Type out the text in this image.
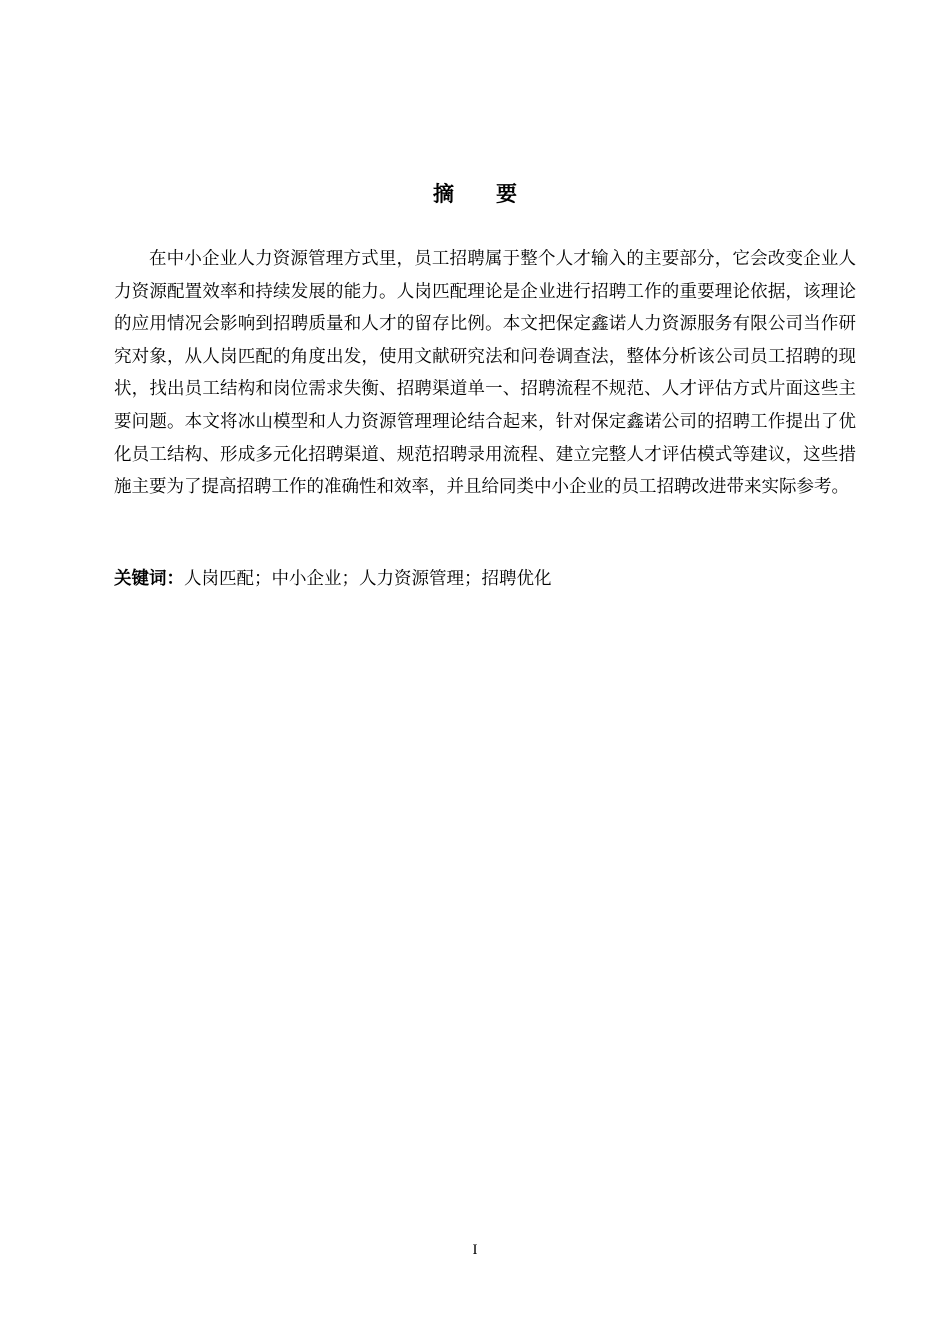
摘要

在中小企业人力资源管理方式里，员工招聘属于整个人才输入的主要部分，它会改变企业人力资源配置效率和持续发展的能力。人岗匹配理论是企业进行招聘工作的重要理论依据，该理论的应用情况会影响到招聘质量和人才的留存比例。本文把保定鑫诺人力资源服务有限公司当作研究对象，从人岗匹配的角度出发，使用文献研究法和问卷调查法，整体分析该公司员工招聘的现状，找出员工结构和岗位需求失衡、招聘渠道单一、招聘流程不规范、人才评估方式片面这些主要问题。本文将冰山模型和人力资源管理理论结合起来，针对保定鑫诺公司的招聘工作提出了优化员工结构、形成多元化招聘渠道、规范招聘录用流程、建立完整人才评估模式等建议，这些措施主要为了提高招聘工作的准确性和效率，并且给同类中小企业的员工招聘改进带来实际参考。

关键词：人岗匹配；中小企业；人力资源管理；招聘优化
I
